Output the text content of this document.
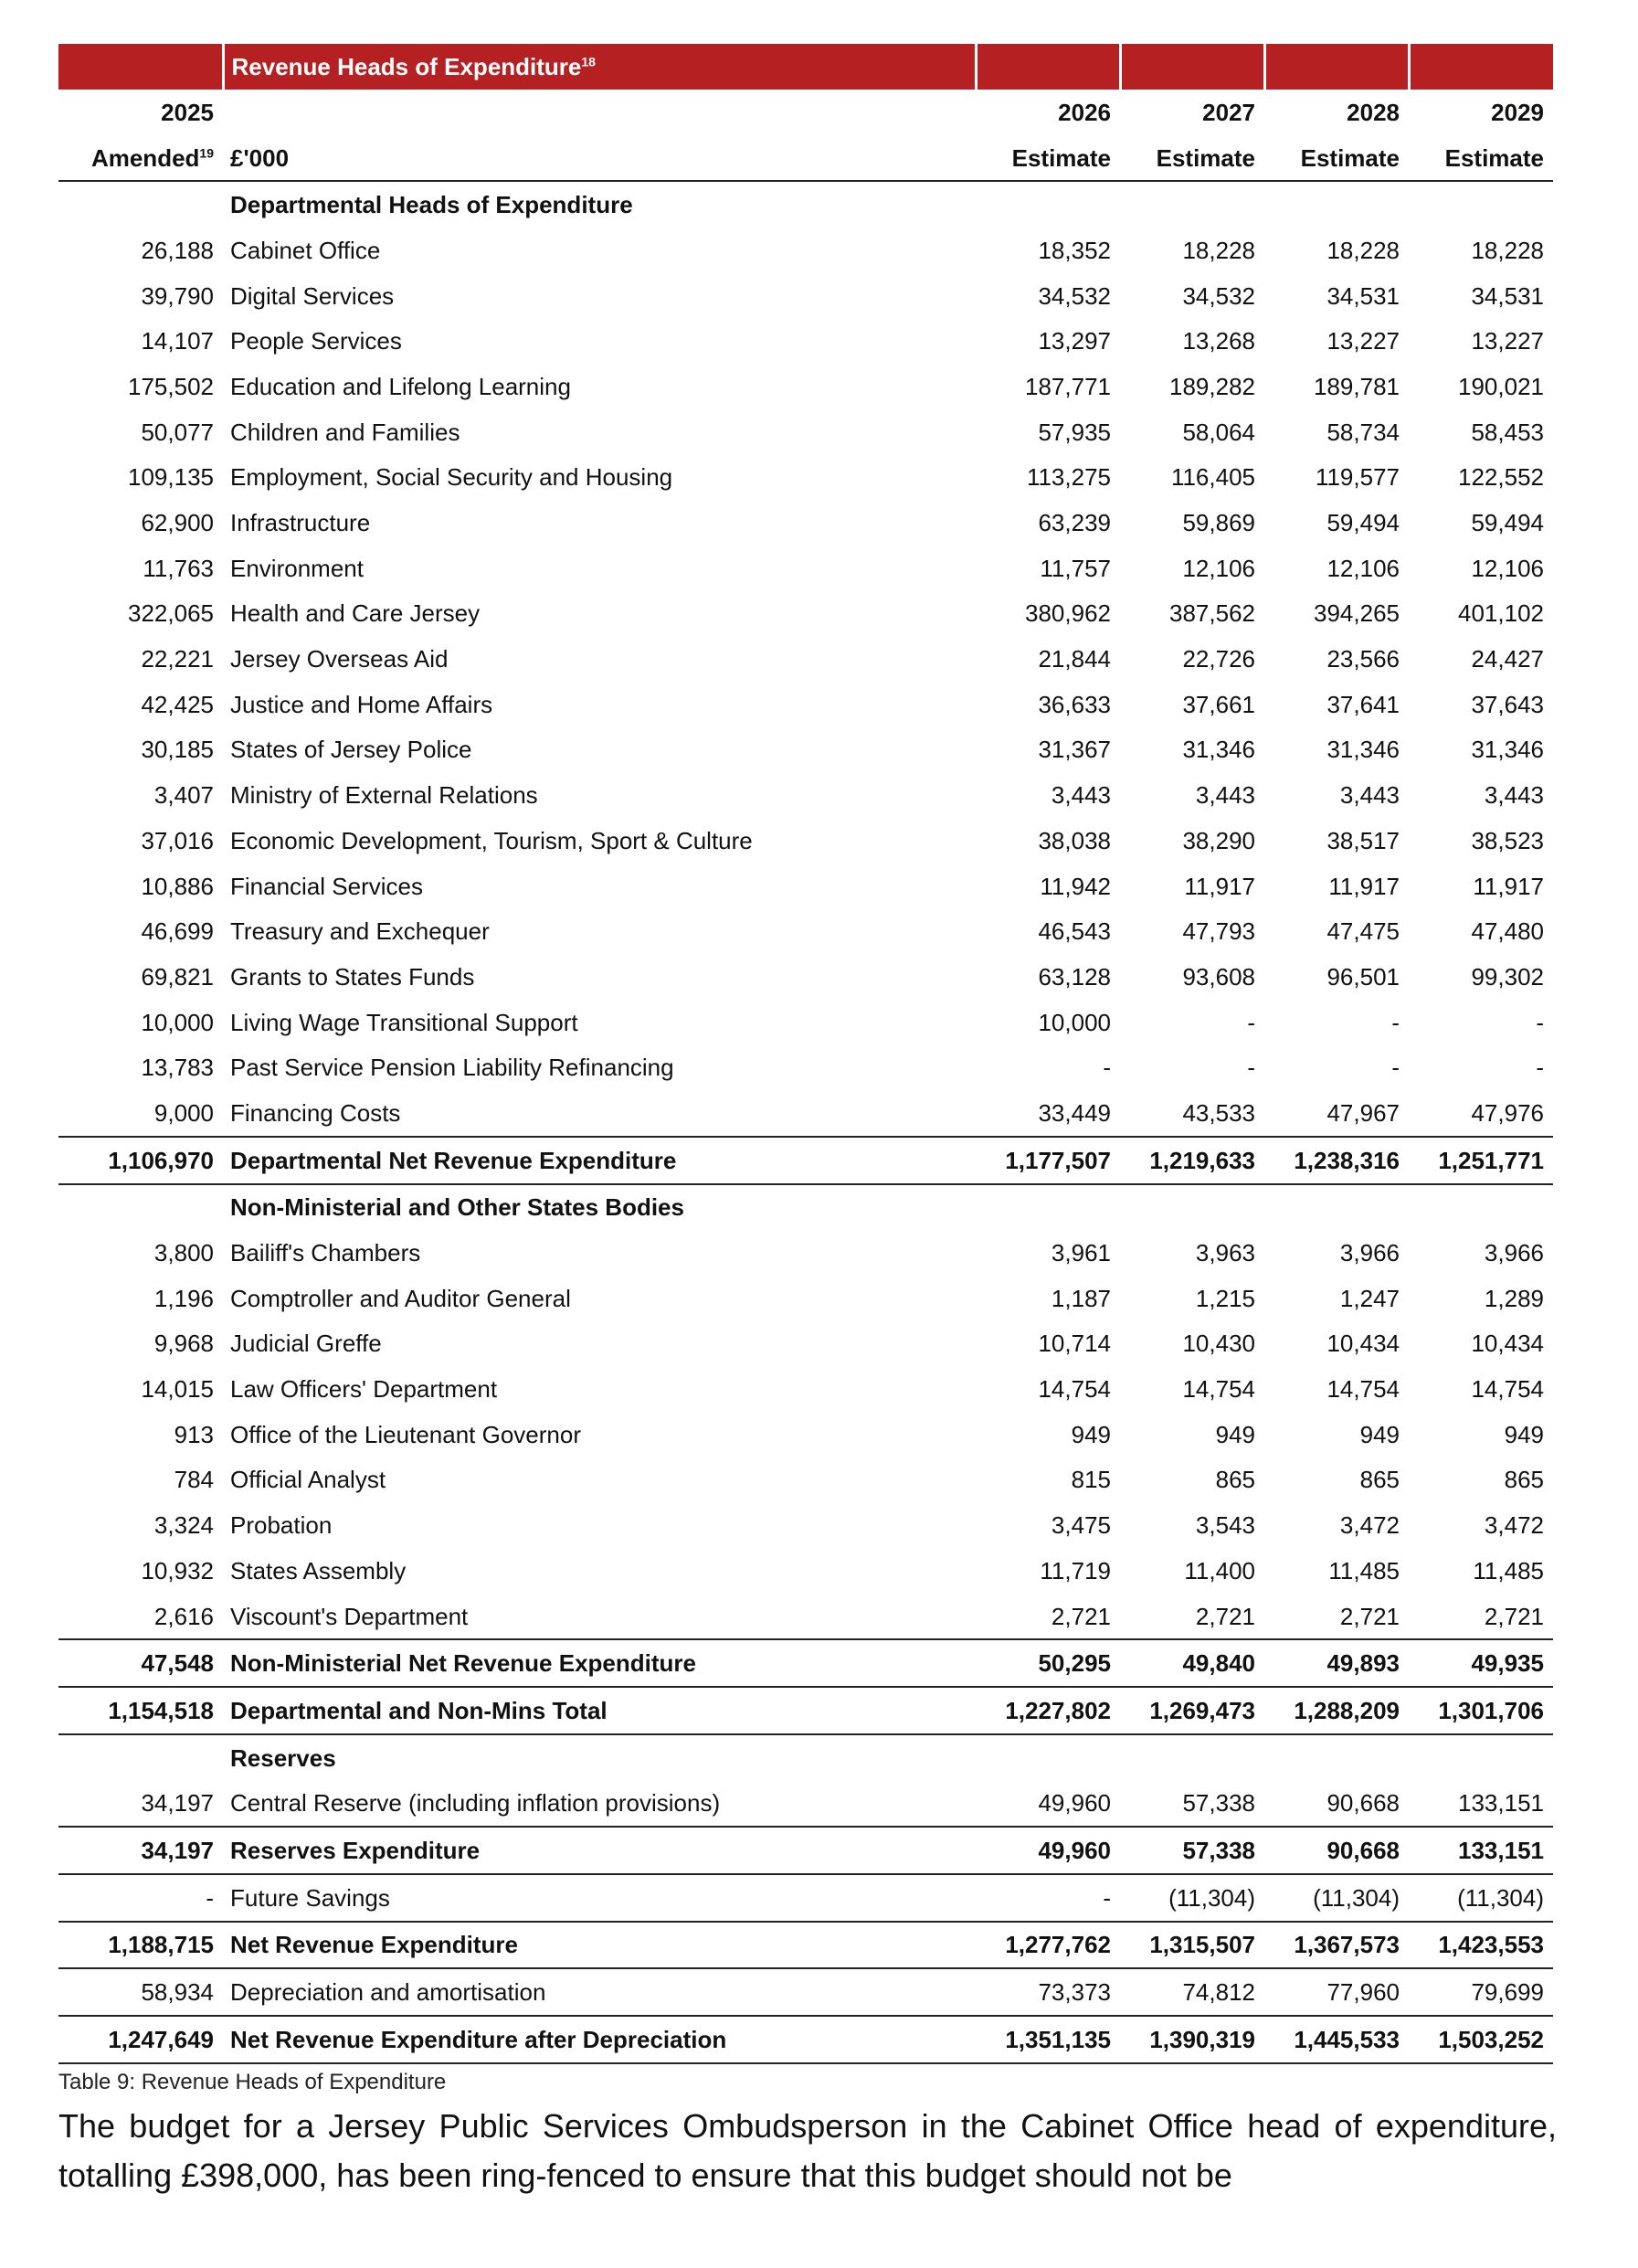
	Revenue Heads of Expenditure$^{18}$				
2025		2026	2027	2028	2029
Amended$^{19}$	£'000	Estimate	Estimate	Estimate	Estimate
	Departmental Heads of Expenditure				
26,188	Cabinet Office	18,352	18,228	18,228	18,228
39,790	Digital Services	34,532	34,532	34,531	34,531
14,107	People Services	13,297	13,268	13,227	13,227
175,502	Education and Lifelong Learning	187,771	189,282	189,781	190,021
50,077	Children and Families	57,935	58,064	58,734	58,453
109,135	Employment, Social Security and Housing	113,275	116,405	119,577	122,552
62,900	Infrastructure	63,239	59,869	59,494	59,494
11,763	Environment	11,757	12,106	12,106	12,106
322,065	Health and Care Jersey	380,962	387,562	394,265	401,102
22,221	Jersey Overseas Aid	21,844	22,726	23,566	24,427
42,425	Justice and Home Affairs	36,633	37,661	37,641	37,643
30,185	States of Jersey Police	31,367	31,346	31,346	31,346
3,407	Ministry of External Relations	3,443	3,443	3,443	3,443
37,016	Economic Development, Tourism, Sport & Culture	38,038	38,290	38,517	38,523
10,886	Financial Services	11,942	11,917	11,917	11,917
46,699	Treasury and Exchequer	46,543	47,793	47,475	47,480
69,821	Grants to States Funds	63,128	93,608	96,501	99,302
10,000	Living Wage Transitional Support	10,000	-	-	-
13,783	Past Service Pension Liability Refinancing	-	-	-	-
9,000	Financing Costs	33,449	43,533	47,967	47,976
1,106,970	Departmental Net Revenue Expenditure	1,177,507	1,219,633	1,238,316	1,251,771
	Non-Ministerial and Other States Bodies				
3,800	Bailiff's Chambers	3,961	3,963	3,966	3,966
1,196	Comptroller and Auditor General	1,187	1,215	1,247	1,289
9,968	Judicial Greffe	10,714	10,430	10,434	10,434
14,015	Law Officers' Department	14,754	14,754	14,754	14,754
913	Office of the Lieutenant Governor	949	949	949	949
784	Official Analyst	815	865	865	865
3,324	Probation	3,475	3,543	3,472	3,472
10,932	States Assembly	11,719	11,400	11,485	11,485
2,616	Viscount's Department	2,721	2,721	2,721	2,721
47,548	Non-Ministerial Net Revenue Expenditure	50,295	49,840	49,893	49,935
1,154,518	Departmental and Non-Mins Total	1,227,802	1,269,473	1,288,209	1,301,706
	Reserves				
34,197	Central Reserve (including inflation provisions)	49,960	57,338	90,668	133,151
34,197	Reserves Expenditure	49,960	57,338	90,668	133,151
-	Future Savings	-	(11,304)	(11,304)	(11,304)
1,188,715	Net Revenue Expenditure	1,277,762	1,315,507	1,367,573	1,423,553
58,934	Depreciation and amortisation	73,373	74,812	77,960	79,699
1,247,649	Net Revenue Expenditure after Depreciation	1,351,135	1,390,319	1,445,533	1,503,252
Table 9: Revenue Heads of Expenditure
The budget for a Jersey Public Services Ombudsperson in the Cabinet Office head of expenditure, totalling £398,000, has been ring-fenced to ensure that this budget should not be
